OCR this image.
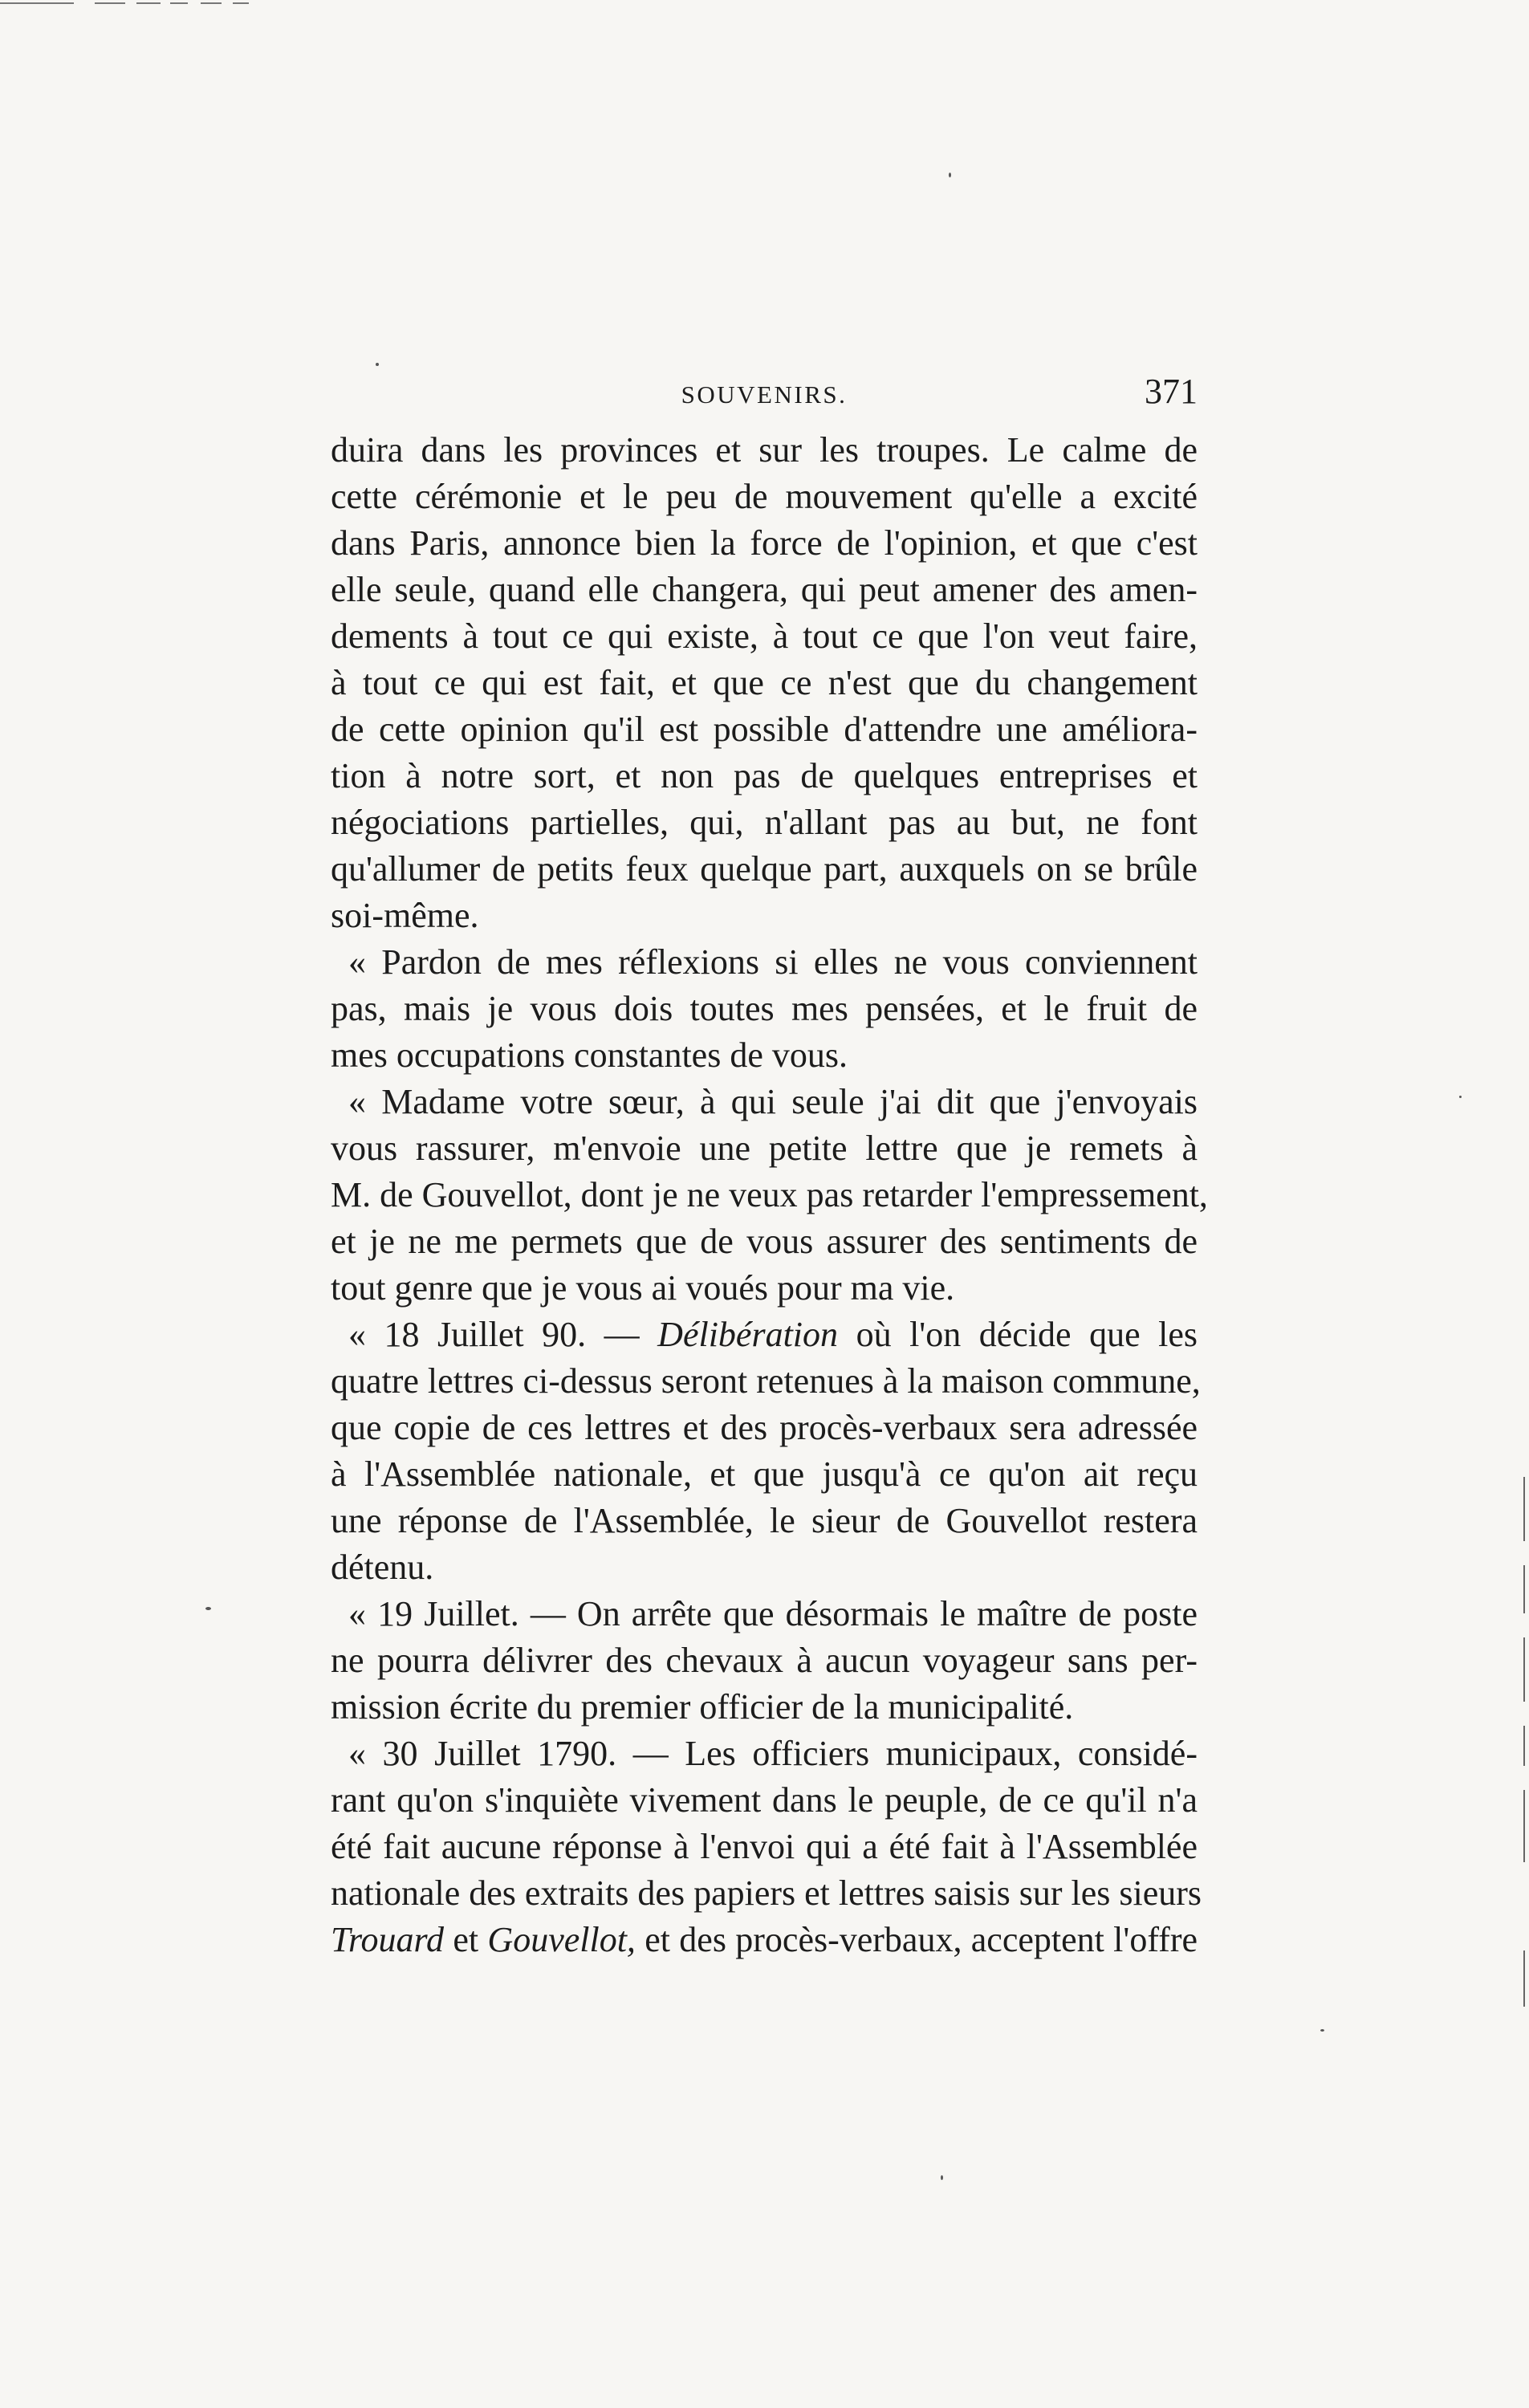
SOUVENIRS.	371
duira dans les provinces et sur les troupes. Le calme de
cette cérémonie et le peu de mouvement qu'elle a excité
dans Paris, annonce bien la force de l'opinion, et que c'est
elle seule, quand elle changera, qui peut amener des amen-
dements à tout ce qui existe, à tout ce que l'on veut faire,
à tout ce qui est fait, et que ce n'est que du changement
de cette opinion qu'il est possible d'attendre une améliora-
tion à notre sort, et non pas de quelques entreprises et
négociations partielles, qui, n'allant pas au but, ne font
qu'allumer de petits feux quelque part, auxquels on se brûle
soi-même.
« Pardon de mes réflexions si elles ne vous conviennent
pas, mais je vous dois toutes mes pensées, et le fruit de
mes occupations constantes de vous.
« Madame votre sœur, à qui seule j'ai dit que j'envoyais
vous rassurer, m'envoie une petite lettre que je remets à
M. de Gouvellot, dont je ne veux pas retarder l'empressement,
et je ne me permets que de vous assurer des sentiments de
tout genre que je vous ai voués pour ma vie.
« 18 Juillet 90. — Délibération où l'on décide que les
quatre lettres ci-dessus seront retenues à la maison commune,
que copie de ces lettres et des procès-verbaux sera adressée
à l'Assemblée nationale, et que jusqu'à ce qu'on ait reçu
une réponse de l'Assemblée, le sieur de Gouvellot restera
détenu.
« 19 Juillet. — On arrête que désormais le maître de poste
ne pourra délivrer des chevaux à aucun voyageur sans per-
mission écrite du premier officier de la municipalité.
« 30 Juillet 1790. — Les officiers municipaux, considé-
rant qu'on s'inquiète vivement dans le peuple, de ce qu'il n'a
été fait aucune réponse à l'envoi qui a été fait à l'Assemblée
nationale des extraits des papiers et lettres saisis sur les sieurs
Trouard et Gouvellot, et des procès-verbaux, acceptent l'offre
